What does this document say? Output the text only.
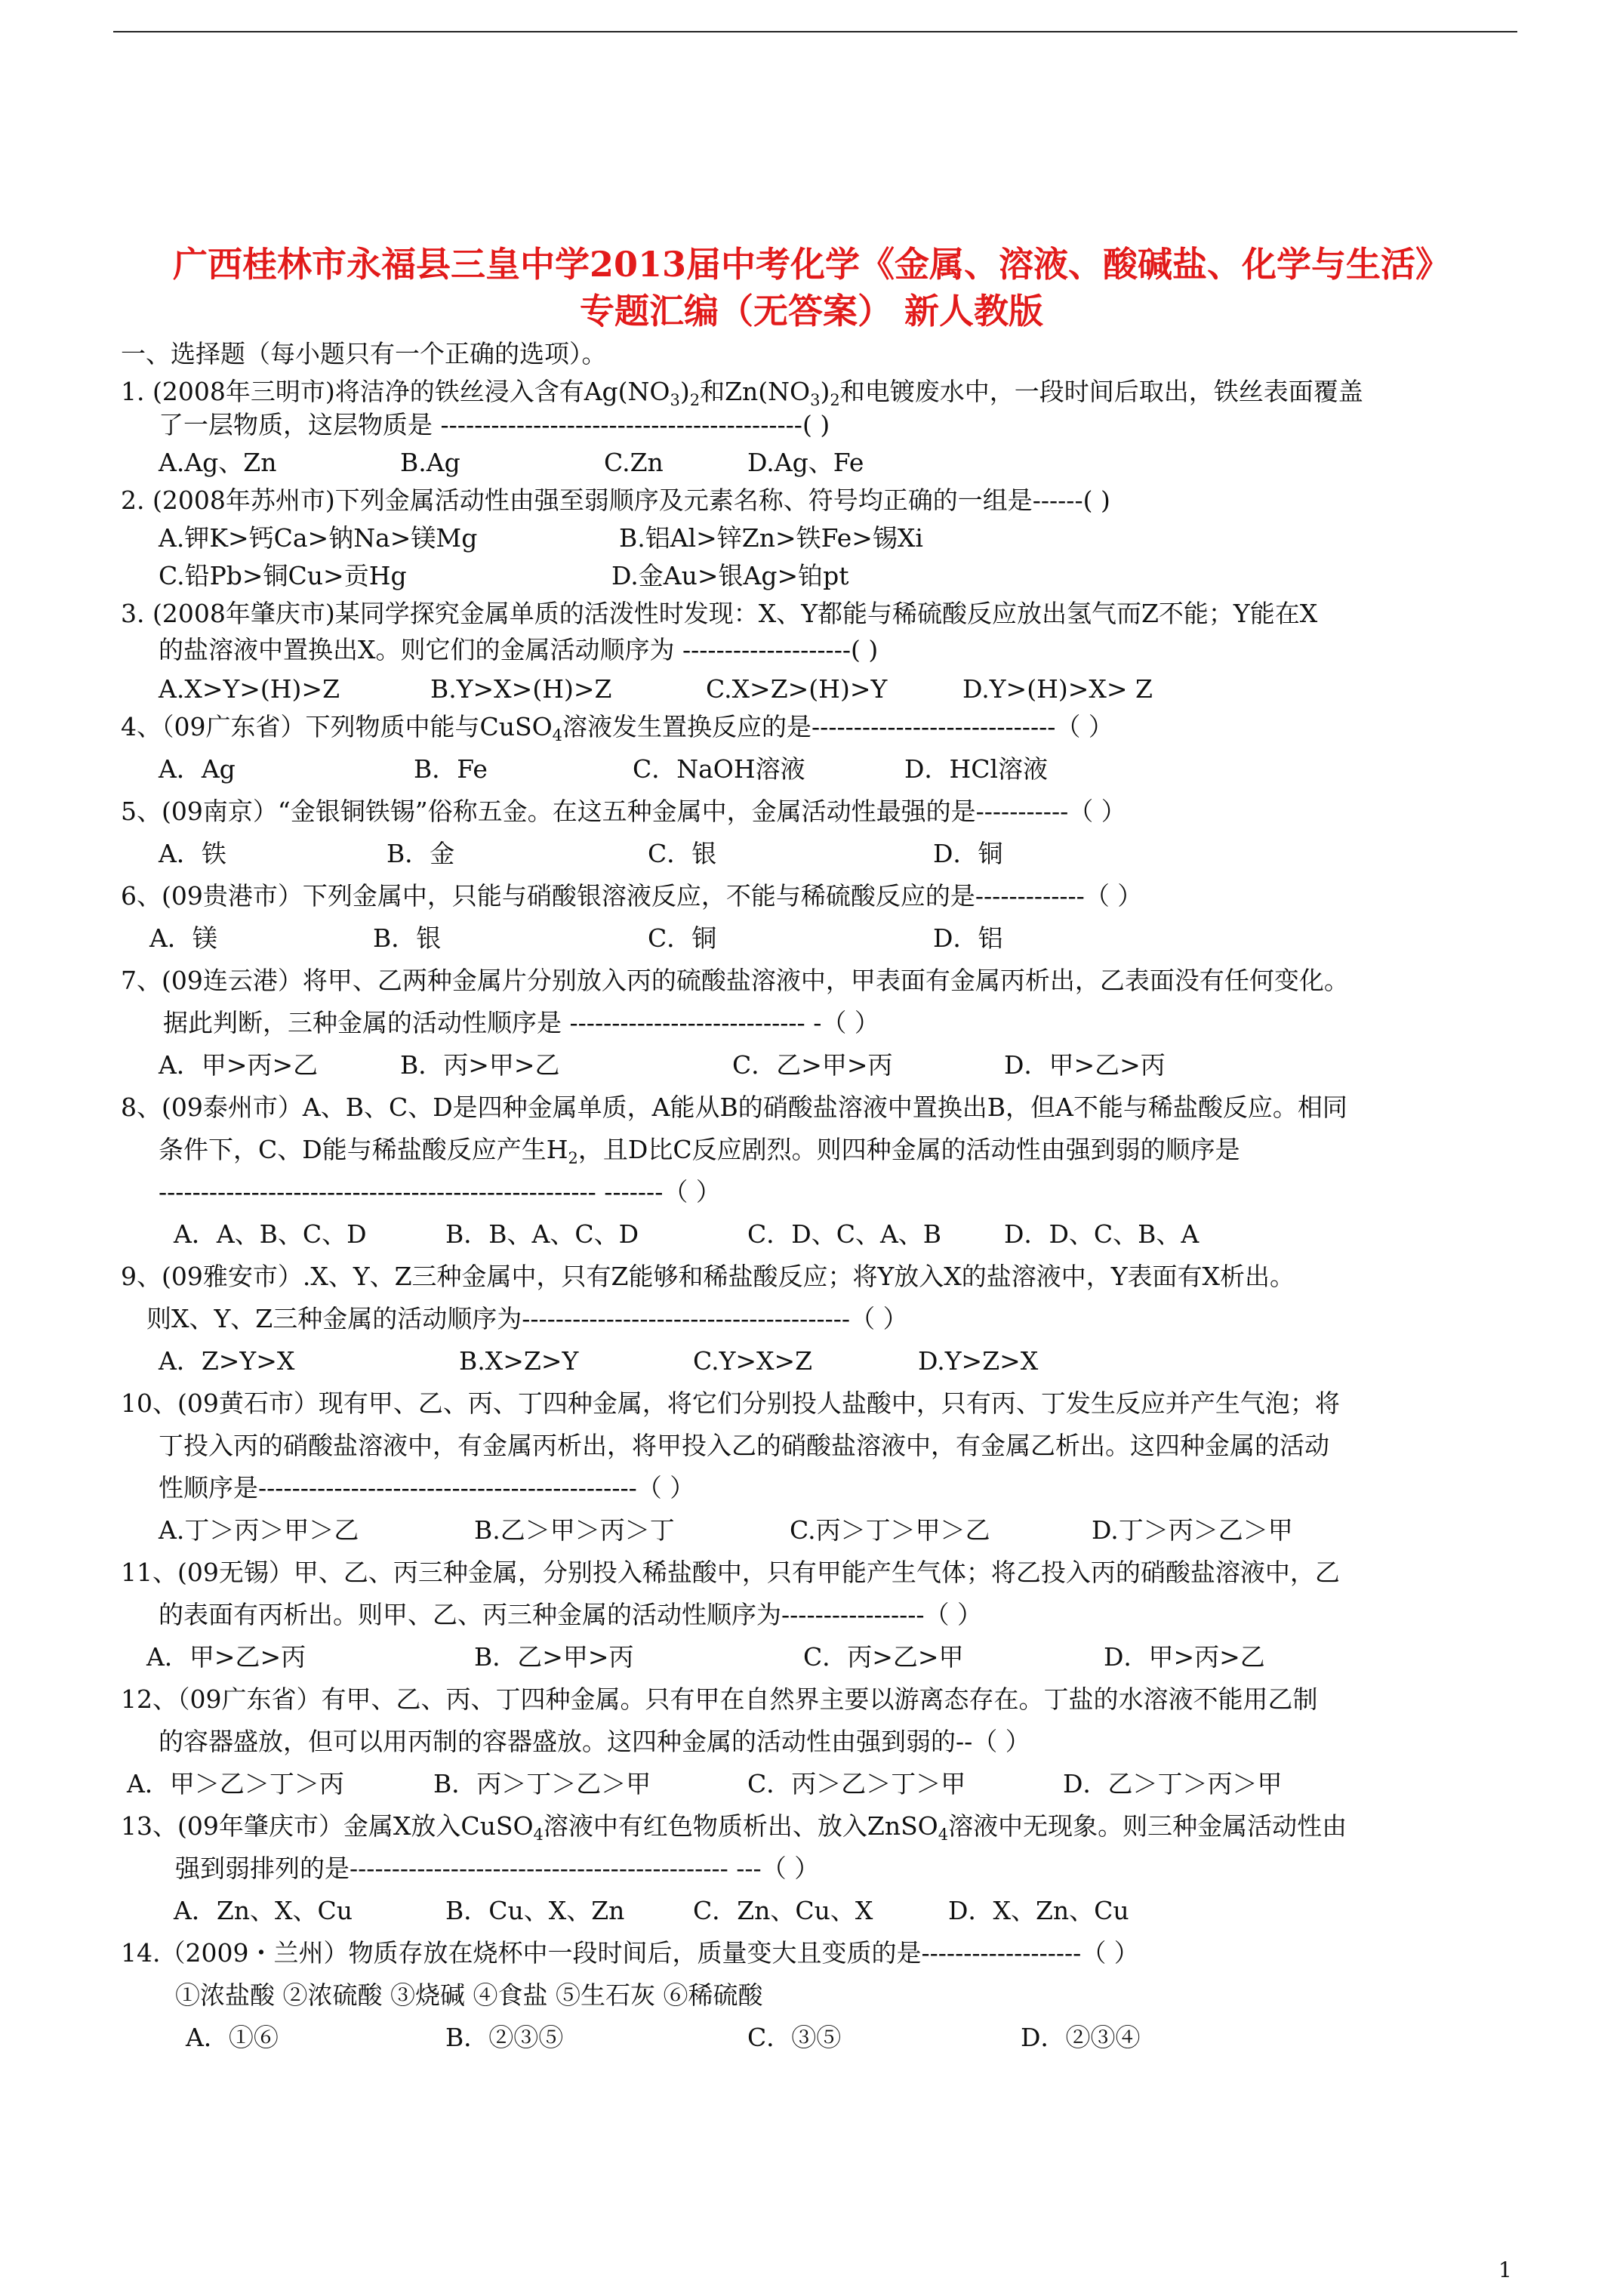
广西桂林市永福县三皇中学2013届中考化学《金属、溶液、酸碱盐、化学与生活》
专题汇编（无答案） 新人教版
一、选择题（每小题只有一个正确的选项）。
1. (2008年三明市)将洁净的铁丝浸入含有$Ag(NO_3)_2$和$Zn(NO_3)_2$和电镀废水中，一段时间后取出，铁丝表面覆盖
了一层物质，这层物质是 -------------------------------------------( )
A.Ag、Zn	B.Ag	C.Zn	D.Ag、Fe
2. (2008年苏州市)下列金属活动性由强至弱顺序及元素名称、符号均正确的一组是------( )
A.钾K>钙Ca>钠Na>镁Mg	B.铝Al>锌Zn>铁Fe>锡Xi
C.铅Pb>铜Cu>贡Hg	D.金Au>银Ag>铂pt
3. (2008年肇庆市)某同学探究金属单质的活泼性时发现：X、Y都能与稀硫酸反应放出氢气而Z不能；Y能在X
的盐溶液中置换出X。则它们的金属活动顺序为 --------------------( )
A.X>Y>(H)>Z	B.Y>X>(H)>Z	C.X>Z>(H)>Y	D.Y>(H)>X> Z
4、（09广东省）下列物质中能与CuSO$_4$溶液发生置换反应的是-----------------------------（ ）
A．Ag	B．Fe	C．NaOH溶液	D．HCl溶液
5、(09南京）“金银铜铁锡”俗称五金。在这五种金属中，金属活动性最强的是-----------（ ）
A．铁	B．金	C．银	D．铜
6、(09贵港市）下列金属中，只能与硝酸银溶液反应，不能与稀硫酸反应的是-------------（ ）
A．镁	B．银	C．铜	D．铝
7、(09连云港）将甲、乙两种金属片分别放入丙的硫酸盐溶液中，甲表面有金属丙析出，乙表面没有任何变化。
据此判断，三种金属的活动性顺序是 ---------------------------- -（ ）
A．甲>丙>乙	B．丙>甲>乙	C．乙>甲>丙	D．甲>乙>丙
8、(09泰州市）A、B、C、D是四种金属单质，A能从B的硝酸盐溶液中置换出B，但A不能与稀盐酸反应。相同
条件下，C、D能与稀盐酸反应产生$H_2$，且D比C反应剧烈。则四种金属的活动性由强到弱的顺序是
---------------------------------------------------- -------（ ）
A．A、B、C、D	B．B、A、C、D	C．D、C、A、B	D．D、C、B、A
9、(09雅安市）.X、Y、Z三种金属中，只有Z能够和稀盐酸反应；将Y放入X的盐溶液中，Y表面有X析出。
则X、Y、Z三种金属的活动顺序为---------------------------------------（ ）
A．Z>Y>X	B.X>Z>Y	C.Y>X>Z	D.Y>Z>X
10、(09黄石市）现有甲、乙、丙、丁四种金属，将它们分别投人盐酸中，只有丙、丁发生反应并产生气泡；将
丁投入丙的硝酸盐溶液中，有金属丙析出，将甲投入乙的硝酸盐溶液中，有金属乙析出。这四种金属的活动
性顺序是---------------------------------------------（ ）
A.丁＞丙＞甲＞乙	B.乙＞甲＞丙＞丁	C.丙＞丁＞甲＞乙	D.丁＞丙＞乙＞甲
11、(09无锡）甲、乙、丙三种金属，分别投入稀盐酸中，只有甲能产生气体；将乙投入丙的硝酸盐溶液中，乙
的表面有丙析出。则甲、乙、丙三种金属的活动性顺序为-----------------（ ）
A．甲>乙>丙	B．乙>甲>丙	C．丙>乙>甲	D．甲>丙>乙
12、（09广东省）有甲、乙、丙、丁四种金属。只有甲在自然界主要以游离态存在。丁盐的水溶液不能用乙制
的容器盛放，但可以用丙制的容器盛放。这四种金属的活动性由强到弱的--（ ）
A．甲＞乙＞丁＞丙	B．丙＞丁＞乙＞甲	C．丙＞乙＞丁＞甲	D．乙＞丁＞丙＞甲
13、(09年肇庆市）金属X放入CuSO$_4$溶液中有红色物质析出、放入ZnSO$_4$溶液中无现象。则三种金属活动性由
强到弱排列的是--------------------------------------------- ---（ ）
A．Zn、X、Cu	B．Cu、X、Zn	C．Zn、Cu、X	D．X、Zn、Cu
14.（2009・兰州）物质存放在烧杯中一段时间后，质量变大且变质的是-------------------（ ）
①浓盐酸 ②浓硫酸 ③烧碱 ④食盐 ⑤生石灰 ⑥稀硫酸
A．①⑥	B．②③⑤	C．③⑤	D．②③④
1
